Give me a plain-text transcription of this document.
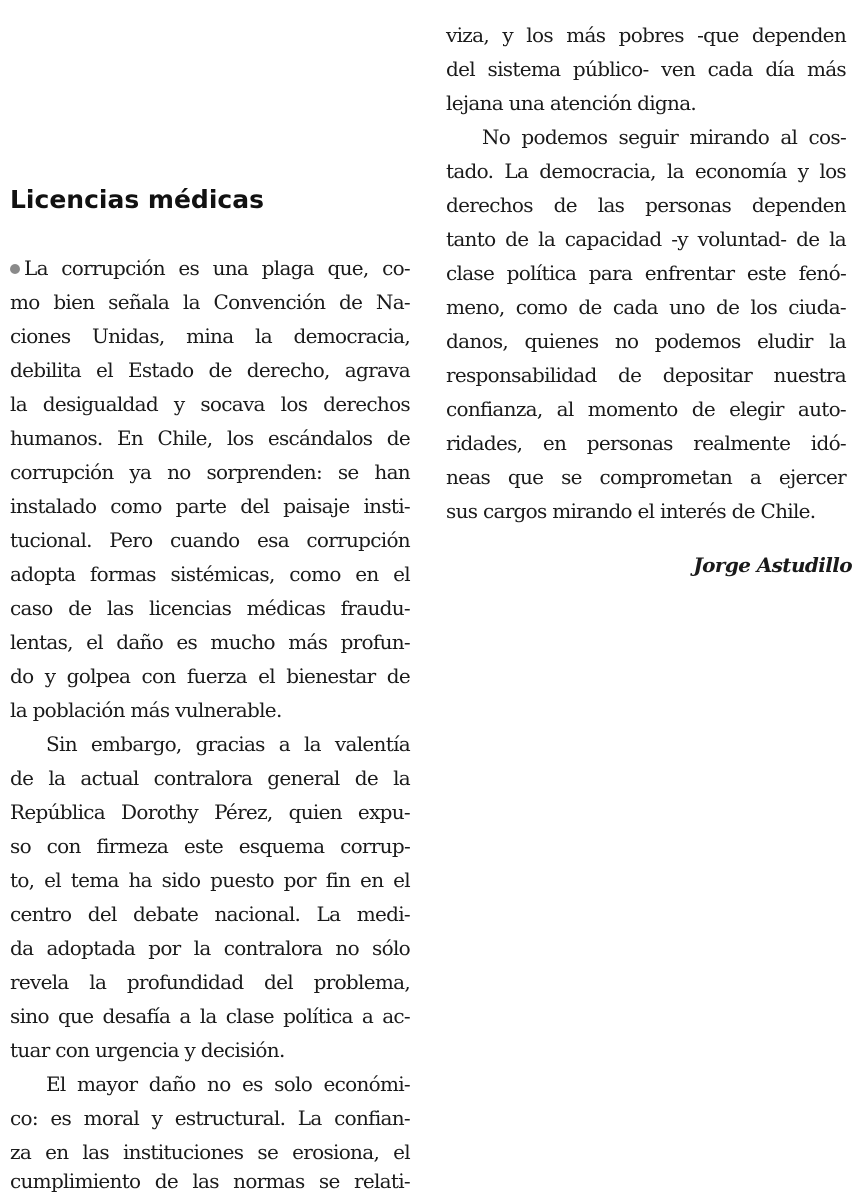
Licencias médicas
La corrupción es una plaga que, co-
mo bien señala la Convención de Na-
ciones Unidas, mina la democracia,
debilita el Estado de derecho, agrava
la desigualdad y socava los derechos
humanos. En Chile, los escándalos de
corrupción ya no sorprenden: se han
instalado como parte del paisaje insti-
tucional. Pero cuando esa corrupción
adopta formas sistémicas, como en el
caso de las licencias médicas fraudu-
lentas, el daño es mucho más profun-
do y golpea con fuerza el bienestar de
la población más vulnerable.
Sin embargo, gracias a la valentía
de la actual contralora general de la
República Dorothy Pérez, quien expu-
so con firmeza este esquema corrup-
to, el tema ha sido puesto por fin en el
centro del debate nacional. La medi-
da adoptada por la contralora no sólo
revela la profundidad del problema,
sino que desafía a la clase política a ac-
tuar con urgencia y decisión.
El mayor daño no es solo económi-
co: es moral y estructural. La confian-
za en las instituciones se erosiona, el
cumplimiento de las normas se relati-
viza, y los más pobres -que dependen
del sistema público- ven cada día más
lejana una atención digna.
No podemos seguir mirando al cos-
tado. La democracia, la economía y los
derechos de las personas dependen
tanto de la capacidad -y voluntad- de la
clase política para enfrentar este fenó-
meno, como de cada uno de los ciuda-
danos, quienes no podemos eludir la
responsabilidad de depositar nuestra
confianza, al momento de elegir auto-
ridades, en personas realmente idó-
neas que se comprometan a ejercer
sus cargos mirando el interés de Chile.
Jorge Astudillo
